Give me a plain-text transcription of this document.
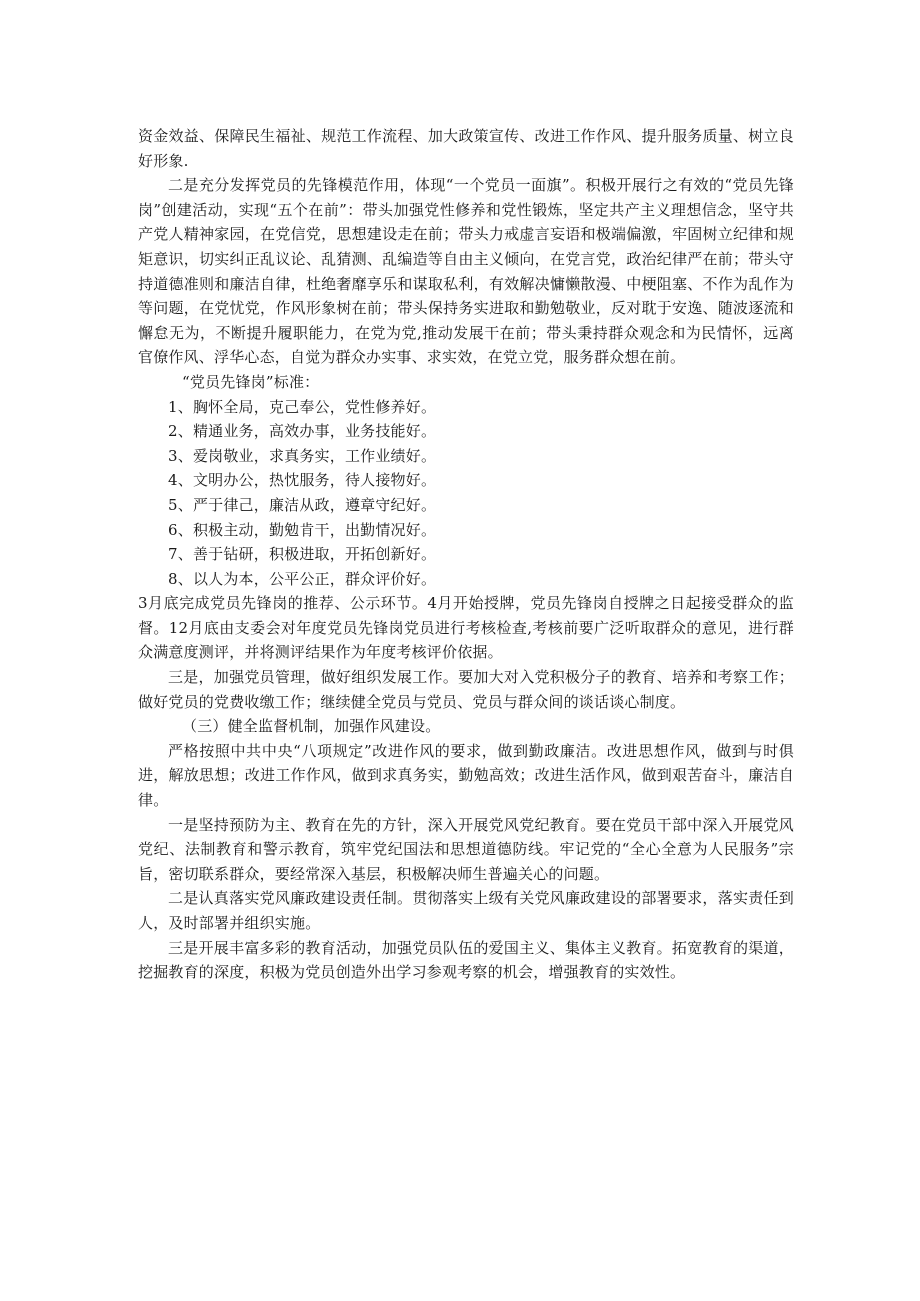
资金效益、保障民生福祉、规范工作流程、加大政策宣传、改进工作作风、提升服务质量、树立良好形象.

二是充分发挥党员的先锋模范作用，体现“一个党员一面旗”。积极开展行之有效的“党员先锋岗”创建活动，实现“五个在前”：带头加强党性修养和党性锻炼，坚定共产主义理想信念，坚守共产党人精神家园，在党信党，思想建设走在前；带头力戒虚言妄语和极端偏激，牢固树立纪律和规矩意识，切实纠正乱议论、乱猜测、乱编造等自由主义倾向，在党言党，政治纪律严在前；带头守持道德准则和廉洁自律，杜绝奢靡享乐和谋取私利，有效解决慵懒散漫、中梗阻塞、不作为乱作为等问题，在党忧党，作风形象树在前；带头保持务实进取和勤勉敬业，反对耽于安逸、随波逐流和懈怠无为，不断提升履职能力，在党为党,推动发展干在前；带头秉持群众观念和为民情怀，远离官僚作风、浮华心态，自觉为群众办实事、求实效，在党立党，服务群众想在前。

“党员先锋岗”标准：

1、胸怀全局，克己奉公，党性修养好。

2、精通业务，高效办事，业务技能好。

3、爱岗敬业，求真务实，工作业绩好。

4、文明办公，热忱服务，待人接物好。

5、严于律己，廉洁从政，遵章守纪好。

6、积极主动，勤勉肯干，出勤情况好。

7、善于钻研，积极进取，开拓创新好。

8、以人为本，公平公正，群众评价好。

3月底完成党员先锋岗的推荐、公示环节。4月开始授牌，党员先锋岗自授牌之日起接受群众的监督。12月底由支委会对年度党员先锋岗党员进行考核检查,考核前要广泛听取群众的意见，进行群众满意度测评，并将测评结果作为年度考核评价依据。

三是，加强党员管理，做好组织发展工作。要加大对入党积极分子的教育、培养和考察工作；做好党员的党费收缴工作；继续健全党员与党员、党员与群众间的谈话谈心制度。

（三）健全监督机制，加强作风建设。

严格按照中共中央“八项规定”改进作风的要求，做到勤政廉洁。改进思想作风，做到与时俱进，解放思想；改进工作作风，做到求真务实，勤勉高效；改进生活作风，做到艰苦奋斗，廉洁自律。

一是坚持预防为主、教育在先的方针，深入开展党风党纪教育。要在党员干部中深入开展党风党纪、法制教育和警示教育，筑牢党纪国法和思想道德防线。牢记党的“全心全意为人民服务”宗旨，密切联系群众，要经常深入基层，积极解决师生普遍关心的问题。

二是认真落实党风廉政建设责任制。贯彻落实上级有关党风廉政建设的部署要求，落实责任到人，及时部署并组织实施。

三是开展丰富多彩的教育活动，加强党员队伍的爱国主义、集体主义教育。拓宽教育的渠道，挖掘教育的深度，积极为党员创造外出学习参观考察的机会，增强教育的实效性。
